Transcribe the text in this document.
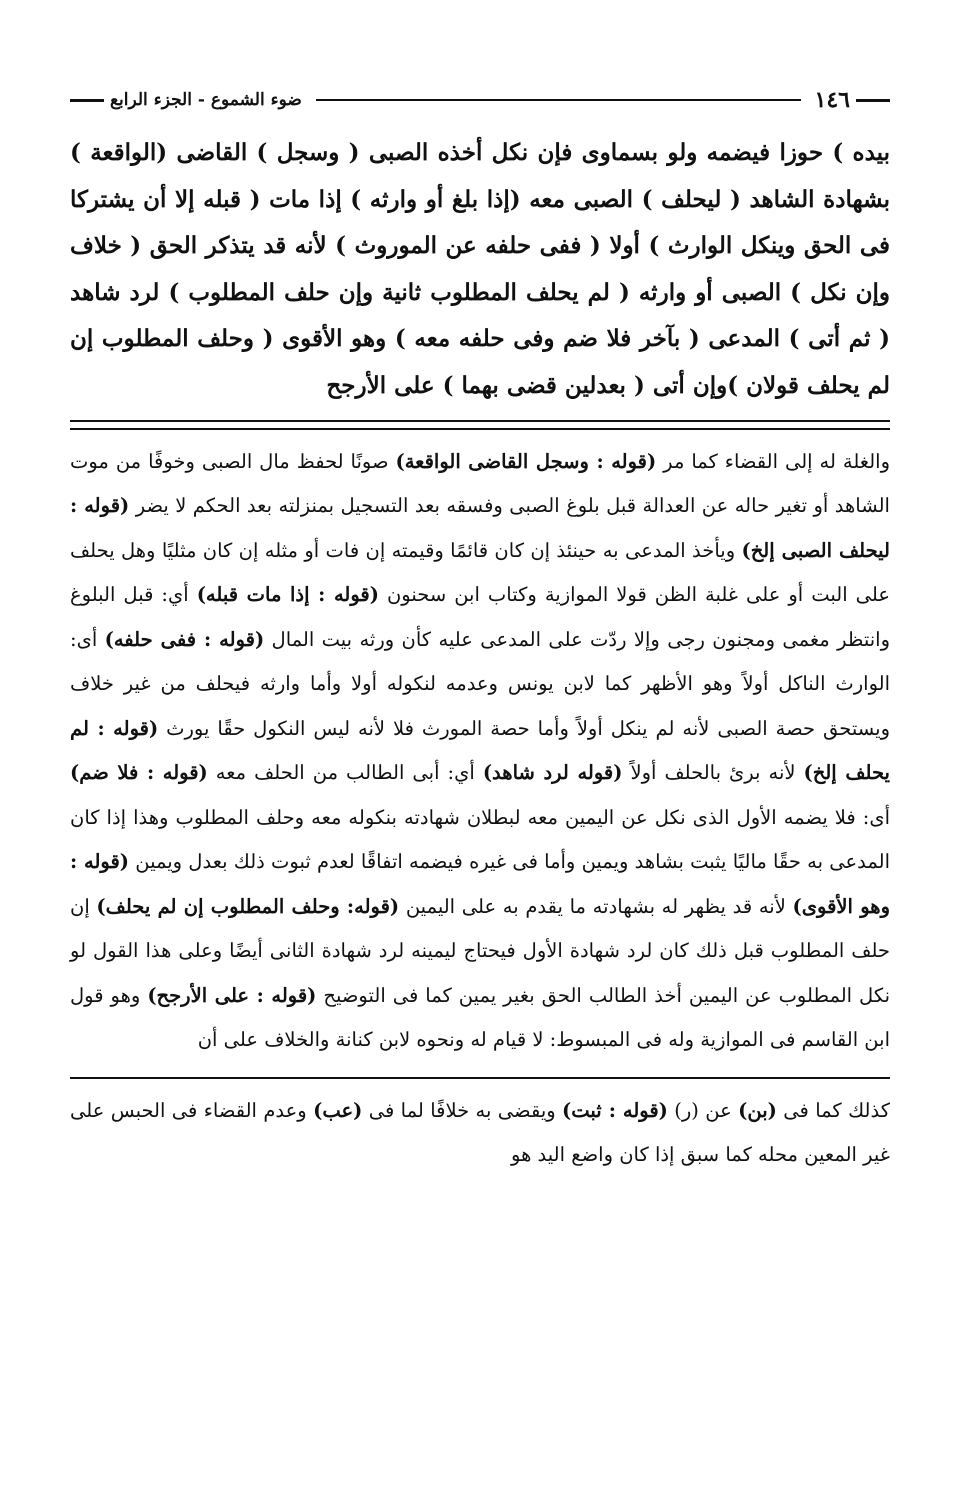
١٤٦
ضوء الشموع - الجزء الرابع

بيده ) حوزا فيضمه ولو بسماوى فإن نكل أخذه الصبى ( وسجل ) القاضى (الواقعة ) بشهادة الشاهد ( ليحلف ) الصبى معه (إذا بلغ أو وارثه ) إذا مات ( قبله إلا أن يشتركا فى الحق وينكل الوارث ) أولا ( ففى حلفه عن الموروث ) لأنه قد يتذكر الحق ( خلاف وإن نكل ) الصبى أو وارثه ( لم يحلف المطلوب ثانية وإن حلف المطلوب ) لرد شاهد ( ثم أتى ) المدعى ( بآخر فلا ضم وفى حلفه معه ) وهو الأقوى ( وحلف المطلوب إن لم يحلف قولان )وإن أتى ( بعدلين قضى بهما ) على الأرجح

والغلة له إلى القضاء كما مر (قوله : وسجل القاضى الواقعة) صونًا لحفظ مال الصبى وخوفًا من موت الشاهد أو تغير حاله عن العدالة قبل بلوغ الصبى وفسقه بعد التسجيل بمنزلته بعد الحكم لا يضر (قوله : ليحلف الصبى إلخ) ويأخذ المدعى به حينئذ إن كان قائمًا وقيمته إن فات أو مثله إن كان مثليًا وهل يحلف على البت أو على غلبة الظن قولا الموازية وكتاب ابن سحنون (قوله : إذا مات قبله) أي: قبل البلوغ وانتظر مغمى ومجنون رجى وإلا ردّت على المدعى عليه كأن ورثه بيت المال (قوله : ففى حلفه) أى: الوارث الناكل أولاً وهو الأظهر كما لابن يونس وعدمه لنكوله أولا وأما وارثه فيحلف من غير خلاف ويستحق حصة الصبى لأنه لم ينكل أولاً وأما حصة المورث فلا لأنه ليس النكول حقًا يورث (قوله : لم يحلف إلخ) لأنه برئ بالحلف أولاً (قوله لرد شاهد) أي: أبى الطالب من الحلف معه (قوله : فلا ضم) أى: فلا يضمه الأول الذى نكل عن اليمين معه لبطلان شهادته بنكوله معه وحلف المطلوب وهذا إذا كان المدعى به حقًا ماليًا يثبت بشاهد ويمين وأما فى غيره فيضمه اتفاقًا لعدم ثبوت ذلك بعدل ويمين (قوله : وهو الأقوى) لأنه قد يظهر له بشهادته ما يقدم به على اليمين (قوله: وحلف المطلوب إن لم يحلف) إن حلف المطلوب قبل ذلك كان لرد شهادة الأول فيحتاج ليمينه لرد شهادة الثانى أيضًا وعلى هذا القول لو نكل المطلوب عن اليمين أخذ الطالب الحق بغير يمين كما فى التوضيح (قوله : على الأرجح) وهو قول ابن القاسم فى الموازية وله فى المبسوط: لا قيام له ونحوه لابن كنانة والخلاف على أن

كذلك كما فى (بن) عن (ر) (قوله : ثبت) ويقضى به خلافًا لما فى (عب) وعدم القضاء فى الحبس على غير المعين محله كما سبق إذا كان واضع اليد هو
